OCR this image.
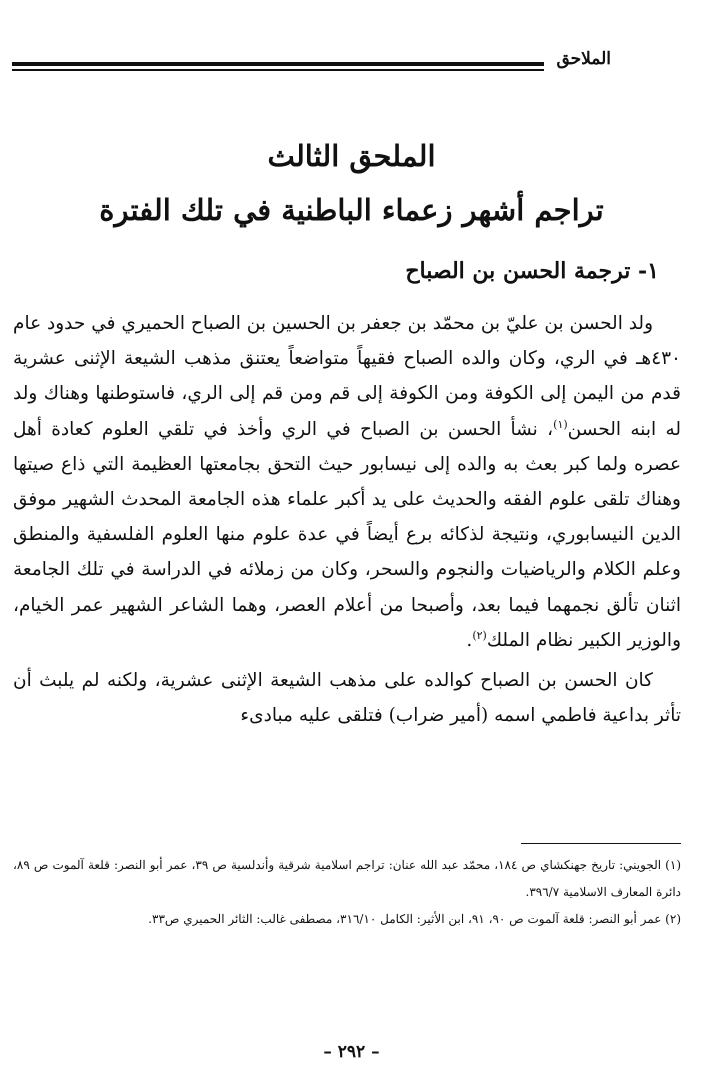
الملاحق
الملحق الثالث
تراجم أشهر زعماء الباطنية في تلك الفترة
١- ترجمة الحسن بن الصباح

ولد الحسن بن عليّ بن محمّد بن جعفر بن الحسين بن الصباح الحميري في حدود عام ٤٣٠هـ في الري، وكان والده الصباح فقيهاً متواضعاً يعتنق مذهب الشيعة الإثنى عشرية قدم من اليمن إلى الكوفة ومن الكوفة إلى قم ومن قم إلى الري، فاستوطنها وهناك ولد له ابنه الحسن$^{(١)}$، نشأ الحسن بن الصباح في الري وأخذ في تلقي العلوم كعادة أهل عصره ولما كبر بعث به والده إلى نيسابور حيث التحق بجامعتها العظيمة التي ذاع صيتها وهناك تلقى علوم الفقه والحديث على يد أكبر علماء هذه الجامعة المحدث الشهير موفق الدين النيسابوري، ونتيجة لذكائه برع أيضاً في عدة علوم منها العلوم الفلسفية والمنطق وعلم الكلام والرياضيات والنجوم والسحر، وكان من زملائه في الدراسة في تلك الجامعة اثنان تألق نجمهما فيما بعد، وأصبحا من أعلام العصر، وهما الشاعر الشهير عمر الخيام، والوزير الكبير نظام الملك$^{(٢)}$.

كان الحسن بن الصباح كوالده على مذهب الشيعة الإثنى عشرية، ولكنه لم يلبث أن تأثر بداعية فاطمي اسمه (أمير ضراب) فتلقى عليه مبادىء

(١) الجويني: تاريخ جهنكشاي ص ١٨٤، محمّد عبد الله عنان: تراجم اسلامية شرقية وأندلسية ص ٣٩، عمر أبو النصر: قلعة آلموت ص ٨٩، دائرة المعارف الاسلامية ٣٩٦/٧.

(٢) عمر أبو النصر: قلعة آلموت ص ٩٠، ٩١، ابن الأثير: الكامل ٣١٦/١٠، مصطفى غالب: الثائر الحميري ص٣٣.

– ٢٩٢ –
